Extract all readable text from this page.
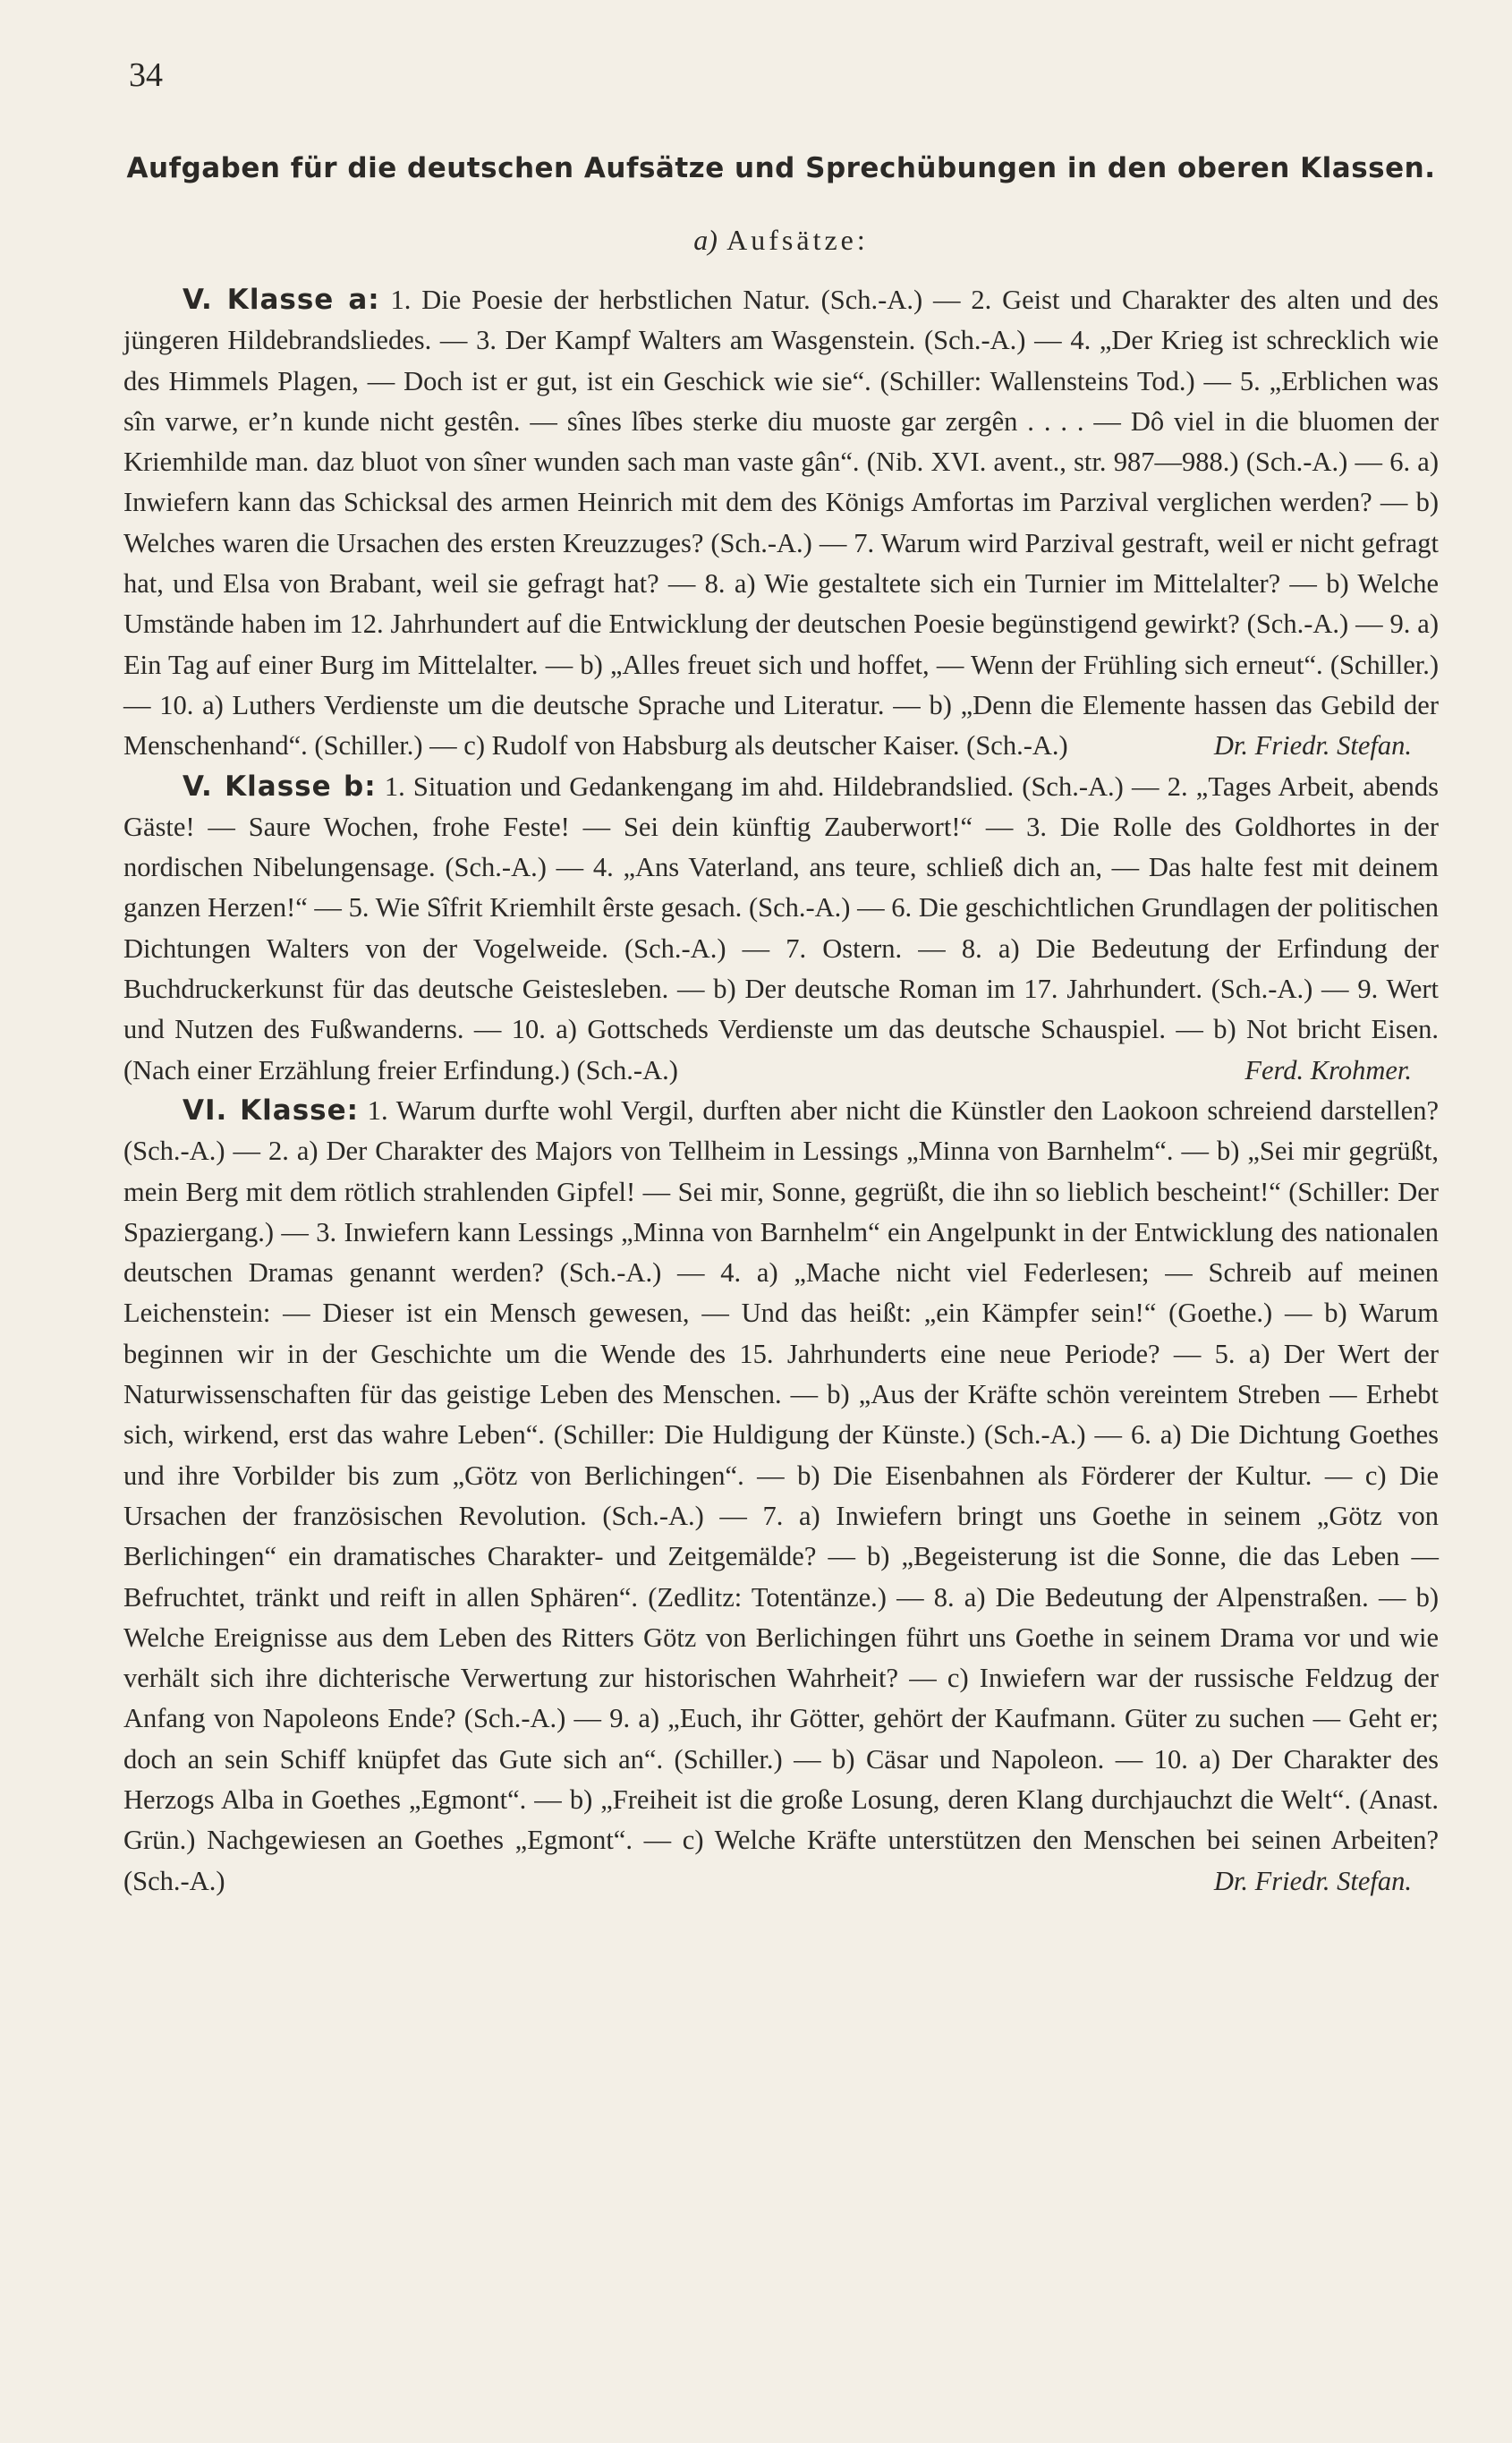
34
Aufgaben für die deutschen Aufsätze und Sprechübungen in den oberen Klassen.
a) Aufsätze:

V. Klasse a: 1. Die Poesie der herbstlichen Natur. (Sch.-A.) — 2. Geist und Charakter des alten und des jüngeren Hildebrandsliedes. — 3. Der Kampf Walters am Wasgenstein. (Sch.-A.) — 4. „Der Krieg ist schrecklich wie des Himmels Plagen, — Doch ist er gut, ist ein Geschick wie sie“. (Schiller: Wallensteins Tod.) — 5. „Erblichen was sîn varwe, er’n kunde nicht gestên. — sînes lîbes sterke diu muoste gar zergên . . . . — Dô viel in die bluomen der Kriemhilde man. daz bluot von sîner wunden sach man vaste gân“. (Nib. XVI. avent., str. 987—988.) (Sch.-A.) — 6. a) Inwiefern kann das Schicksal des armen Heinrich mit dem des Königs Amfortas im Parzival verglichen werden? — b) Welches waren die Ursachen des ersten Kreuzzuges? (Sch.-A.) — 7. Warum wird Parzival gestraft, weil er nicht gefragt hat, und Elsa von Brabant, weil sie gefragt hat? — 8. a) Wie gestaltete sich ein Turnier im Mittelalter? — b) Welche Umstände haben im 12. Jahrhundert auf die Entwicklung der deutschen Poesie begünstigend gewirkt? (Sch.-A.) — 9. a) Ein Tag auf einer Burg im Mittelalter. — b) „Alles freuet sich und hoffet, — Wenn der Frühling sich erneut“. (Schiller.) — 10. a) Luthers Verdienste um die deutsche Sprache und Literatur. — b) „Denn die Elemente hassen das Gebild der Menschenhand“. (Schiller.) — c) Rudolf von Habsburg als deutscher Kaiser. (Sch.-A.)	Dr. Friedr. Stefan.

V. Klasse b: 1. Situation und Gedankengang im ahd. Hildebrandslied. (Sch.-A.) — 2. „Tages Arbeit, abends Gäste! — Saure Wochen, frohe Feste! — Sei dein künftig Zauberwort!“ — 3. Die Rolle des Goldhortes in der nordischen Nibelungensage. (Sch.-A.) — 4. „Ans Vaterland, ans teure, schließ dich an, — Das halte fest mit deinem ganzen Herzen!“ — 5. Wie Sîfrit Kriemhilt êrste gesach. (Sch.-A.) — 6. Die geschichtlichen Grundlagen der politischen Dichtungen Walters von der Vogelweide. (Sch.-A.) — 7. Ostern. — 8. a) Die Bedeutung der Erfindung der Buchdruckerkunst für das deutsche Geistesleben. — b) Der deutsche Roman im 17. Jahrhundert. (Sch.-A.) — 9. Wert und Nutzen des Fußwanderns. — 10. a) Gottscheds Verdienste um das deutsche Schauspiel. — b) Not bricht Eisen. (Nach einer Erzählung freier Erfindung.) (Sch.-A.)	Ferd. Krohmer.

VI. Klasse: 1. Warum durfte wohl Vergil, durften aber nicht die Künstler den Laokoon schreiend darstellen? (Sch.-A.) — 2. a) Der Charakter des Majors von Tellheim in Lessings „Minna von Barnhelm“. — b) „Sei mir gegrüßt, mein Berg mit dem rötlich strahlenden Gipfel! — Sei mir, Sonne, gegrüßt, die ihn so lieblich bescheint!“ (Schiller: Der Spaziergang.) — 3. Inwiefern kann Lessings „Minna von Barnhelm“ ein Angelpunkt in der Entwicklung des nationalen deutschen Dramas genannt werden? (Sch.-A.) — 4. a) „Mache nicht viel Federlesen; — Schreib auf meinen Leichenstein: — Dieser ist ein Mensch gewesen, — Und das heißt: „ein Kämpfer sein!“ (Goethe.) — b) Warum beginnen wir in der Geschichte um die Wende des 15. Jahrhunderts eine neue Periode? — 5. a) Der Wert der Naturwissenschaften für das geistige Leben des Menschen. — b) „Aus der Kräfte schön vereintem Streben — Erhebt sich, wirkend, erst das wahre Leben“. (Schiller: Die Huldigung der Künste.) (Sch.-A.) — 6. a) Die Dichtung Goethes und ihre Vorbilder bis zum „Götz von Berlichingen“. — b) Die Eisenbahnen als Förderer der Kultur. — c) Die Ursachen der französischen Revolution. (Sch.-A.) — 7. a) Inwiefern bringt uns Goethe in seinem „Götz von Berlichingen“ ein dramatisches Charakter- und Zeitgemälde? — b) „Begeisterung ist die Sonne, die das Leben — Befruchtet, tränkt und reift in allen Sphären“. (Zedlitz: Totentänze.) — 8. a) Die Bedeutung der Alpenstraßen. — b) Welche Ereignisse aus dem Leben des Ritters Götz von Berlichingen führt uns Goethe in seinem Drama vor und wie verhält sich ihre dichterische Verwertung zur historischen Wahrheit? — c) Inwiefern war der russische Feldzug der Anfang von Napoleons Ende? (Sch.-A.) — 9. a) „Euch, ihr Götter, gehört der Kaufmann. Güter zu suchen — Geht er; doch an sein Schiff knüpfet das Gute sich an“. (Schiller.) — b) Cäsar und Napoleon. — 10. a) Der Charakter des Herzogs Alba in Goethes „Egmont“. — b) „Freiheit ist die große Losung, deren Klang durchjauchzt die Welt“. (Anast. Grün.) Nachgewiesen an Goethes „Egmont“. — c) Welche Kräfte unterstützen den Menschen bei seinen Arbeiten? (Sch.-A.)	Dr. Friedr. Stefan.
